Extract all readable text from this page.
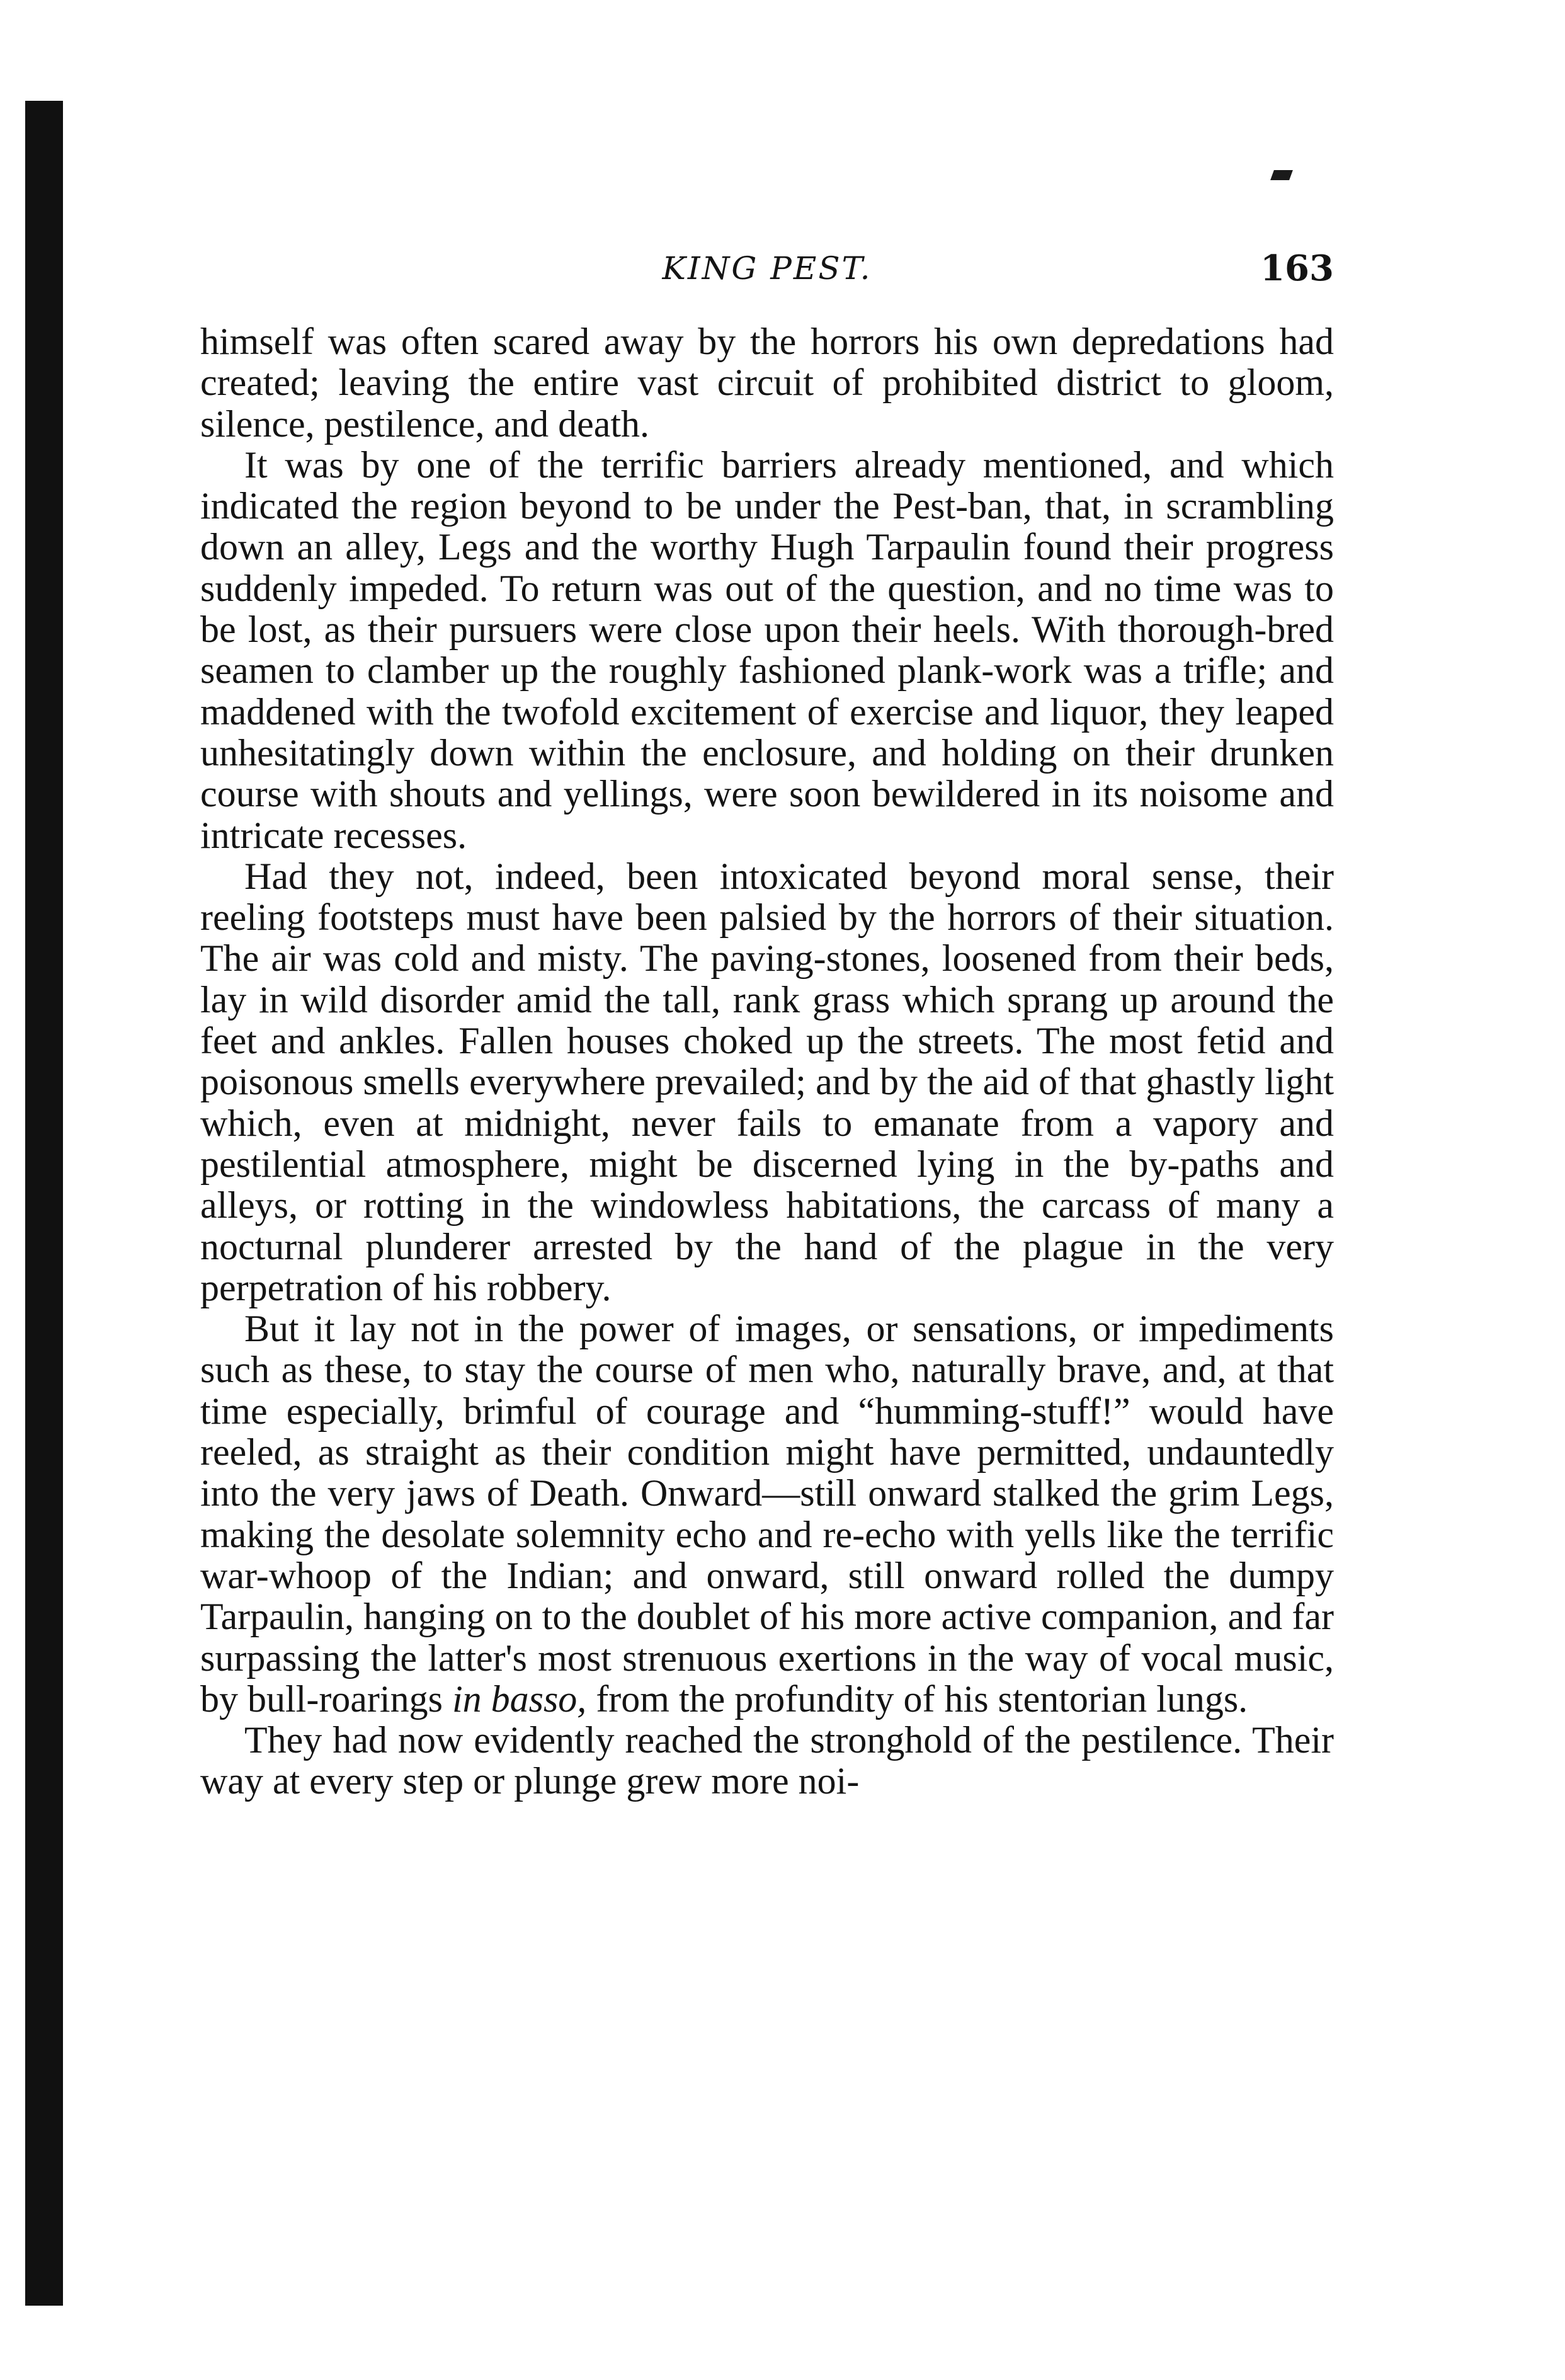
KING PEST.	163

himself was often scared away by the horrors his own depredations had created; leaving the entire vast circuit of prohibited district to gloom, silence, pestilence, and death.

It was by one of the terrific barriers already mentioned, and which indicated the region beyond to be under the Pest-ban, that, in scrambling down an alley, Legs and the worthy Hugh Tarpaulin found their progress suddenly impeded. To return was out of the question, and no time was to be lost, as their pursuers were close upon their heels. With thorough-bred seamen to clamber up the roughly fashioned plank-work was a trifle; and maddened with the twofold excitement of exercise and liquor, they leaped unhesitatingly down within the enclosure, and holding on their drunken course with shouts and yellings, were soon bewildered in its noisome and intricate recesses.

Had they not, indeed, been intoxicated beyond moral sense, their reeling footsteps must have been palsied by the horrors of their situation. The air was cold and misty. The paving-stones, loosened from their beds, lay in wild disorder amid the tall, rank grass which sprang up around the feet and ankles. Fallen houses choked up the streets. The most fetid and poisonous smells everywhere prevailed; and by the aid of that ghastly light which, even at midnight, never fails to emanate from a vapory and pestilential atmosphere, might be discerned lying in the by-paths and alleys, or rotting in the windowless habitations, the carcass of many a nocturnal plunderer arrested by the hand of the plague in the very perpetration of his robbery.

But it lay not in the power of images, or sensations, or impediments such as these, to stay the course of men who, naturally brave, and, at that time especially, brimful of courage and “humming-stuff!” would have reeled, as straight as their condition might have permitted, undauntedly into the very jaws of Death. Onward—still onward stalked the grim Legs, making the desolate solemnity echo and re-echo with yells like the terrific war-whoop of the Indian; and onward, still onward rolled the dumpy Tarpaulin, hanging on to the doublet of his more active companion, and far surpassing the latter's most strenuous exertions in the way of vocal music, by bull-roarings in basso, from the profundity of his stentorian lungs.

They had now evidently reached the stronghold of the pestilence. Their way at every step or plunge grew more noi-
